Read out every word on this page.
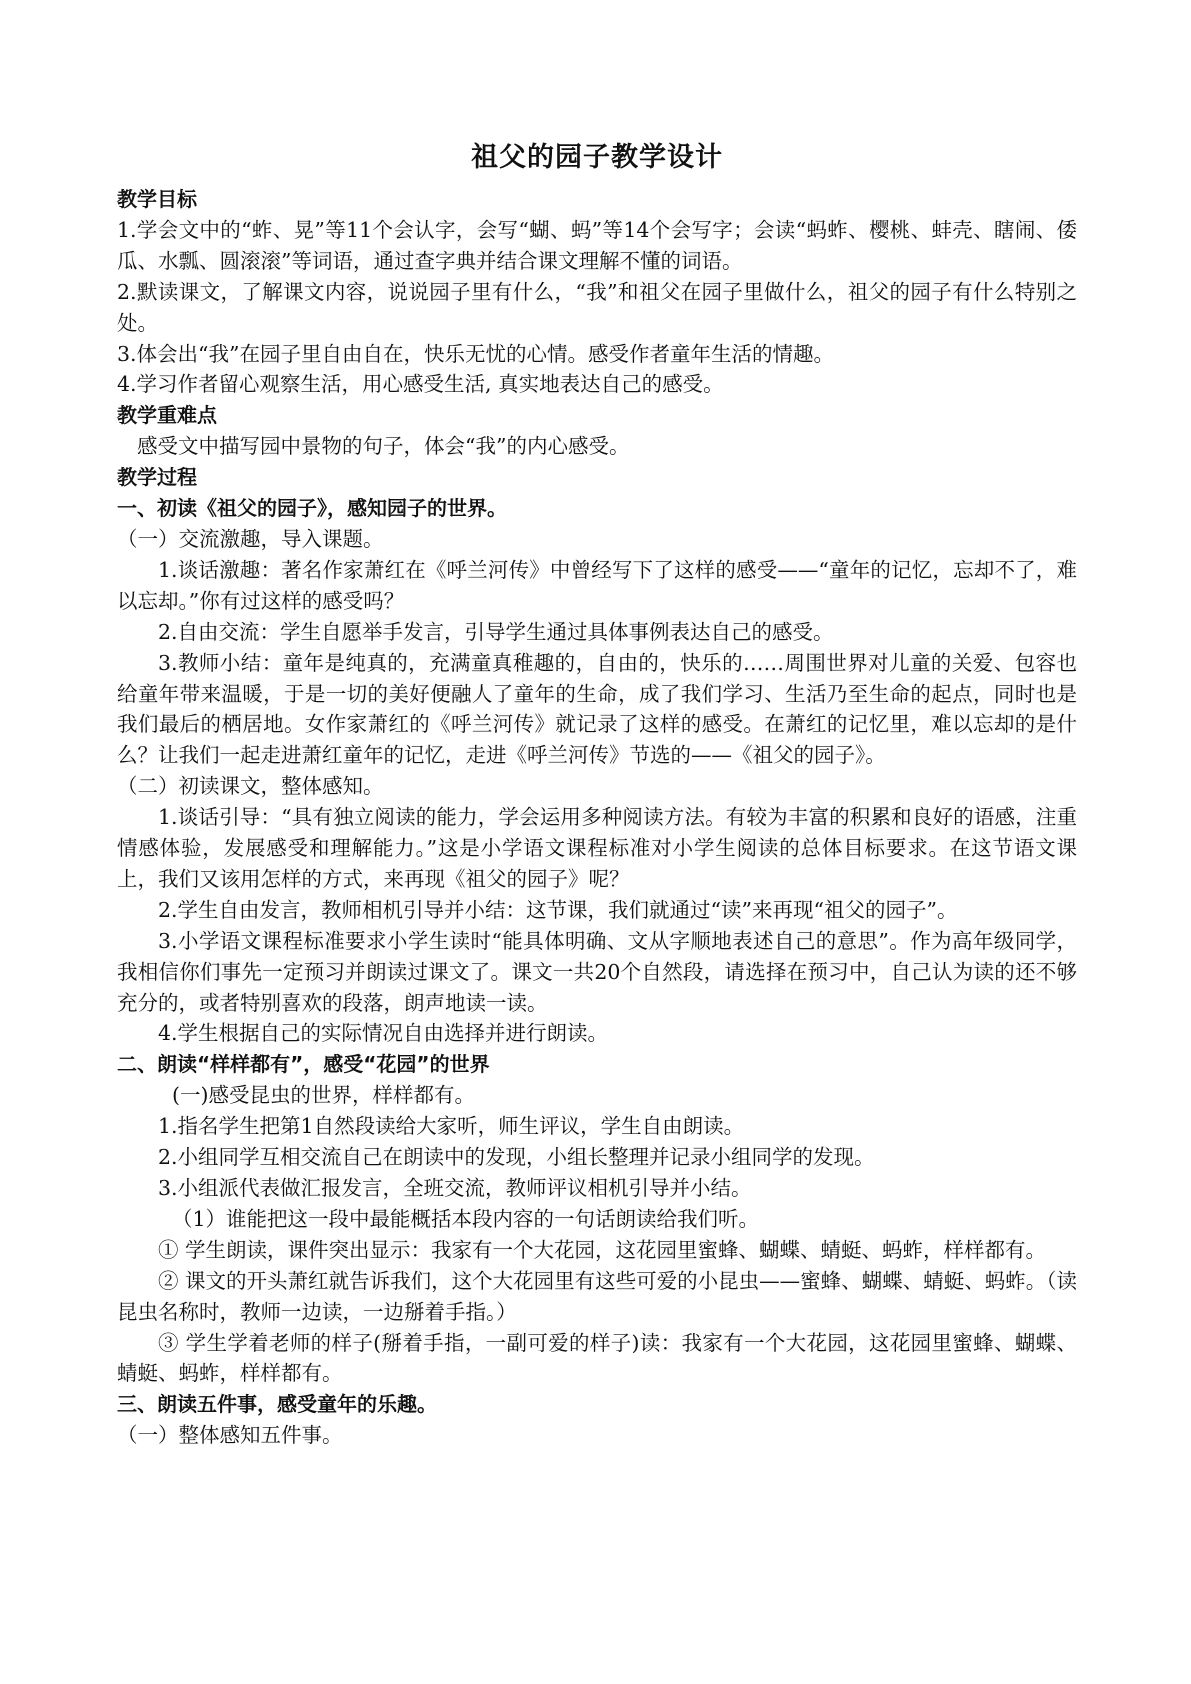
祖父的园子教学设计
教学目标

1.学会文中的“蚱、晃”等11个会认字，会写“蝴、蚂”等14个会写字；会读“蚂蚱、樱桃、蚌壳、瞎闹、倭瓜、水瓢、圆滚滚”等词语，通过查字典并结合课文理解不懂的词语。

2.默读课文，了解课文内容，说说园子里有什么，“我”和祖父在园子里做什么，祖父的园子有什么特别之处。

3.体会出“我”在园子里自由自在，快乐无忧的心情。感受作者童年生活的情趣。

4.学习作者留心观察生活，用心感受生活, 真实地表达自己的感受。

教学重难点

感受文中描写园中景物的句子，体会“我”的内心感受。

教学过程
一、初读《祖父的园子》，感知园子的世界。

（一）交流激趣，导入课题。

1.谈话激趣：著名作家萧红在《呼兰河传》中曾经写下了这样的感受——“童年的记忆，忘却不了，难以忘却。”你有过这样的感受吗？

2.自由交流：学生自愿举手发言，引导学生通过具体事例表达自己的感受。

3.教师小结：童年是纯真的，充满童真稚趣的，自由的，快乐的……周围世界对儿童的关爱、包容也给童年带来温暖，于是一切的美好便融人了童年的生命，成了我们学习、生活乃至生命的起点，同时也是我们最后的栖居地。女作家萧红的《呼兰河传》就记录了这样的感受。在萧红的记忆里，难以忘却的是什么？让我们一起走进萧红童年的记忆，走进《呼兰河传》节选的——《祖父的园子》。

（二）初读课文，整体感知。

1.谈话引导：“具有独立阅读的能力，学会运用多种阅读方法。有较为丰富的积累和良好的语感，注重情感体验，发展感受和理解能力。”这是小学语文课程标准对小学生阅读的总体目标要求。在这节语文课上，我们又该用怎样的方式，来再现《祖父的园子》呢？

2.学生自由发言，教师相机引导并小结：这节课，我们就通过“读”来再现“祖父的园子”。

3.小学语文课程标准要求小学生读时“能具体明确、文从字顺地表述自己的意思”。作为高年级同学，我相信你们事先一定预习并朗读过课文了。课文一共20个自然段，请选择在预习中，自己认为读的还不够充分的，或者特别喜欢的段落，朗声地读一读。

4.学生根据自己的实际情况自由选择并进行朗读。

二、朗读“样样都有”，感受“花园”的世界

(一)感受昆虫的世界，样样都有。

1.指名学生把第1自然段读给大家听，师生评议，学生自由朗读。

2.小组同学互相交流自己在朗读中的发现，小组长整理并记录小组同学的发现。

3.小组派代表做汇报发言，全班交流，教师评议相机引导并小结。

（1）谁能把这一段中最能概括本段内容的一句话朗读给我们听。

① 学生朗读，课件突出显示：我家有一个大花园，这花园里蜜蜂、蝴蝶、蜻蜓、蚂蚱，样样都有。

② 课文的开头萧红就告诉我们，这个大花园里有这些可爱的小昆虫——蜜蜂、蝴蝶、蜻蜓、蚂蚱。（读昆虫名称时，教师一边读，一边掰着手指。）

③ 学生学着老师的样子(掰着手指，一副可爱的样子)读：我家有一个大花园，这花园里蜜蜂、蝴蝶、蜻蜓、蚂蚱，样样都有。

三、朗读五件事，感受童年的乐趣。

（一）整体感知五件事。
